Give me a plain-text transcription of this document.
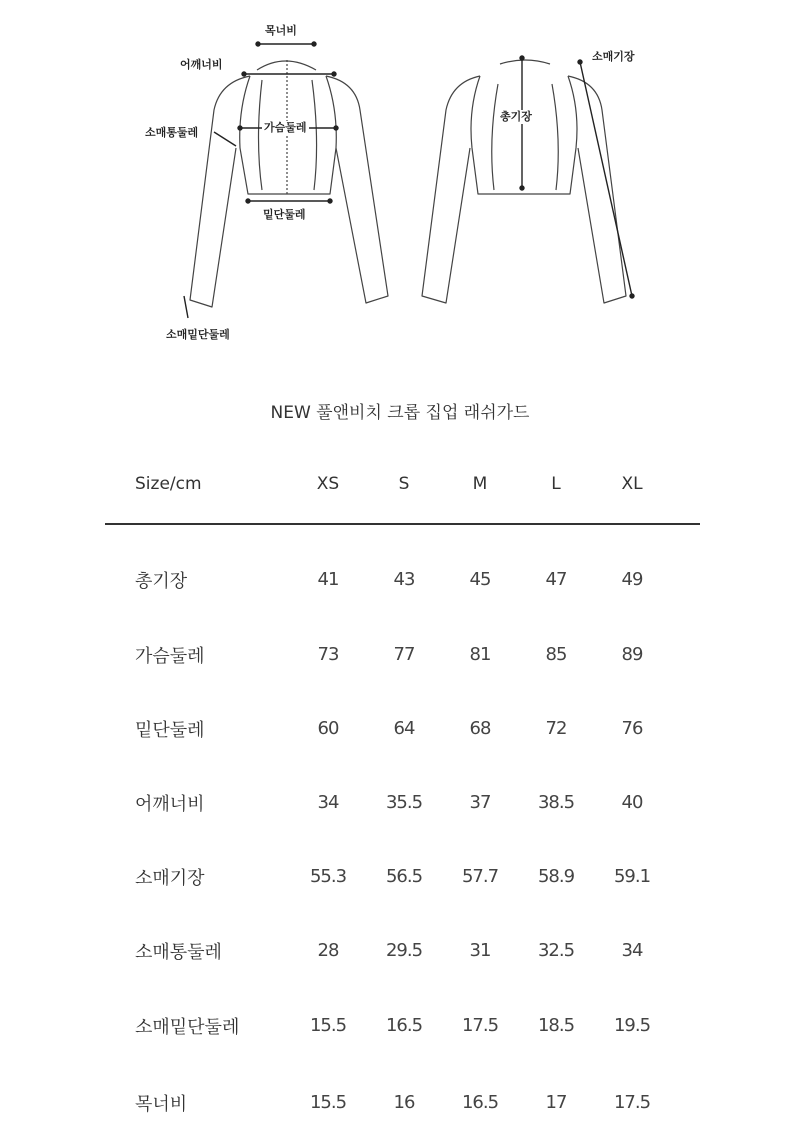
목너비
어깨너비
가슴둘레
소매통둘레
밑단둘레
소매밑단둘레
총기장
소매기장
NEW 풀앤비치 크롭 집업 래쉬가드
Size/cm	XS	S	M	L	XL
총기장	41	43	45	47	49
가슴둘레	73	77	81	85	89
밑단둘레	60	64	68	72	76
어깨너비	34	35.5	37	38.5	40
소매기장	55.3 56.5 57.7 58.9 59.1
소매통둘레	28	29.5	31	32.5	34
소매밑단둘레	15.5 16.5 17.5 18.5 19.5
목너비	15.5	16	16.5	17	17.5
